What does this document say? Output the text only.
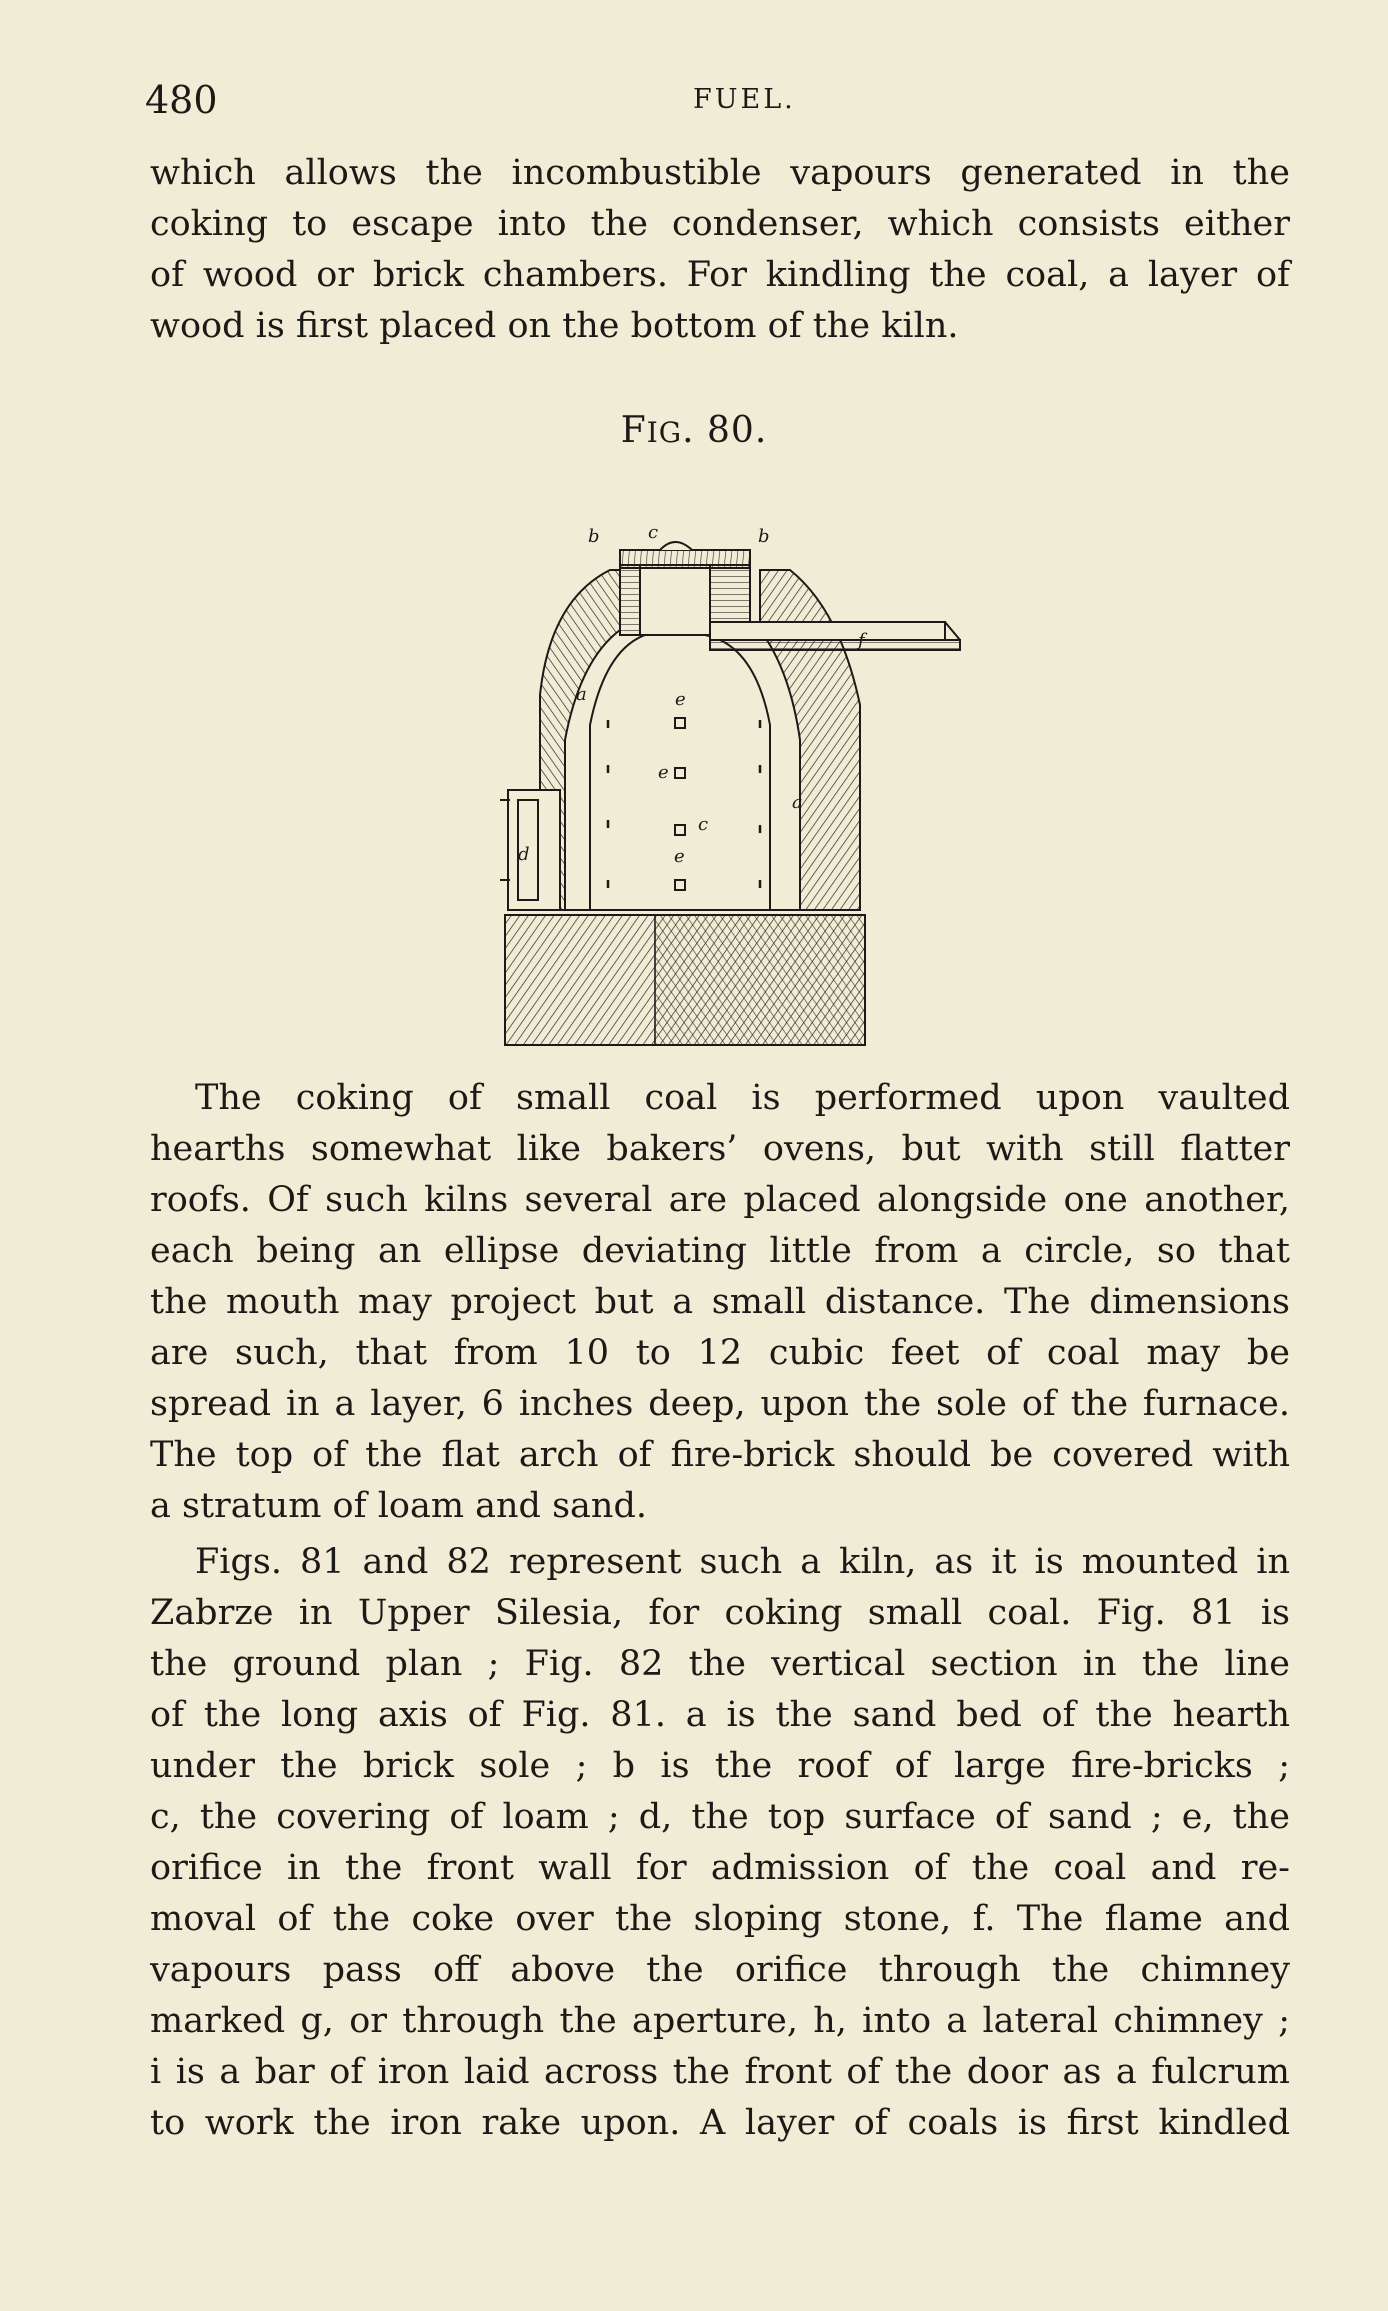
480	FUEL.

which allows the incombustible vapours generated in the
coking to escape into the condenser, which consists either
of wood or brick chambers. For kindling the coal, a layer of
wood is first placed on the bottom of the kiln.

FIG. 80.
b	c	b
f
a
a
e
e
c
e
d

The coking of small coal is performed upon vaulted
hearths somewhat like bakers’ ovens, but with still flatter
roofs. Of such kilns several are placed alongside one another,
each being an ellipse deviating little from a circle, so that
the mouth may project but a small distance. The dimensions
are such, that from 10 to 12 cubic feet of coal may be
spread in a layer, 6 inches deep, upon the sole of the furnace.
The top of the flat arch of fire-brick should be covered with
a stratum of loam and sand.

Figs. 81 and 82 represent such a kiln, as it is mounted in
Zabrze in Upper Silesia, for coking small coal. Fig. 81 is
the ground plan ; Fig. 82 the vertical section in the line
of the long axis of Fig. 81. a is the sand bed of the hearth
under the brick sole ; b is the roof of large fire-bricks ;
c, the covering of loam ; d, the top surface of sand ; e, the
orifice in the front wall for admission of the coal and re-
moval of the coke over the sloping stone, f. The flame and
vapours pass off above the orifice through the chimney
marked g, or through the aperture, h, into a lateral chimney ;
i is a bar of iron laid across the front of the door as a fulcrum
to work the iron rake upon. A layer of coals is first kindled
